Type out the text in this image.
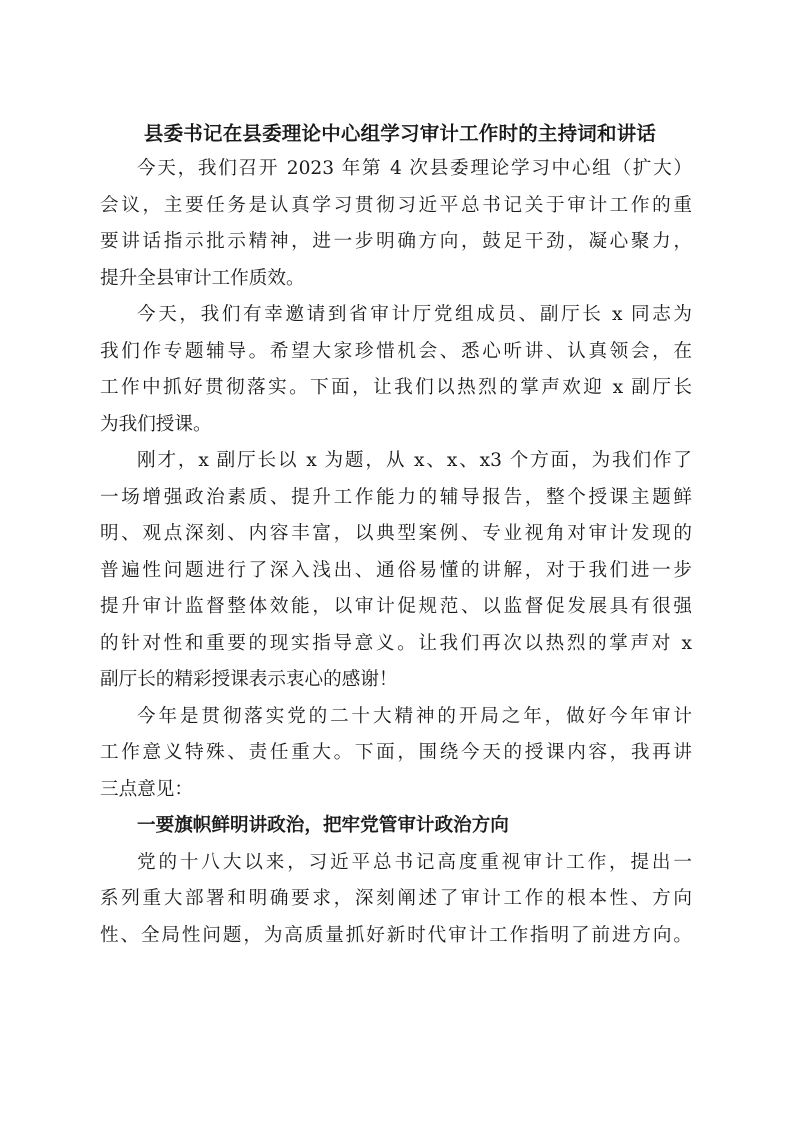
县委书记在县委理论中心组学习审计工作时的主持词和讲话
今天，我们召开 2023 年第 4 次县委理论学习中心组（扩大）
会议，主要任务是认真学习贯彻习近平总书记关于审计工作的重
要讲话指示批示精神，进一步明确方向，鼓足干劲，凝心聚力，
提升全县审计工作质效。
今天，我们有幸邀请到省审计厅党组成员、副厅长 x 同志为
我们作专题辅导。希望大家珍惜机会、悉心听讲、认真领会，在
工作中抓好贯彻落实。下面，让我们以热烈的掌声欢迎 x 副厅长
为我们授课。
刚才，x 副厅长以 x 为题，从 x、x、x3 个方面，为我们作了
一场增强政治素质、提升工作能力的辅导报告，整个授课主题鲜
明、观点深刻、内容丰富，以典型案例、专业视角对审计发现的
普遍性问题进行了深入浅出、通俗易懂的讲解，对于我们进一步
提升审计监督整体效能，以审计促规范、以监督促发展具有很强
的针对性和重要的现实指导意义。让我们再次以热烈的掌声对 x
副厅长的精彩授课表示衷心的感谢！
今年是贯彻落实党的二十大精神的开局之年，做好今年审计
工作意义特殊、责任重大。下面，围绕今天的授课内容，我再讲
三点意见：
一要旗帜鲜明讲政治，把牢党管审计政治方向
党的十八大以来，习近平总书记高度重视审计工作，提出一
系列重大部署和明确要求，深刻阐述了审计工作的根本性、方向
性、全局性问题，为高质量抓好新时代审计工作指明了前进方向。
